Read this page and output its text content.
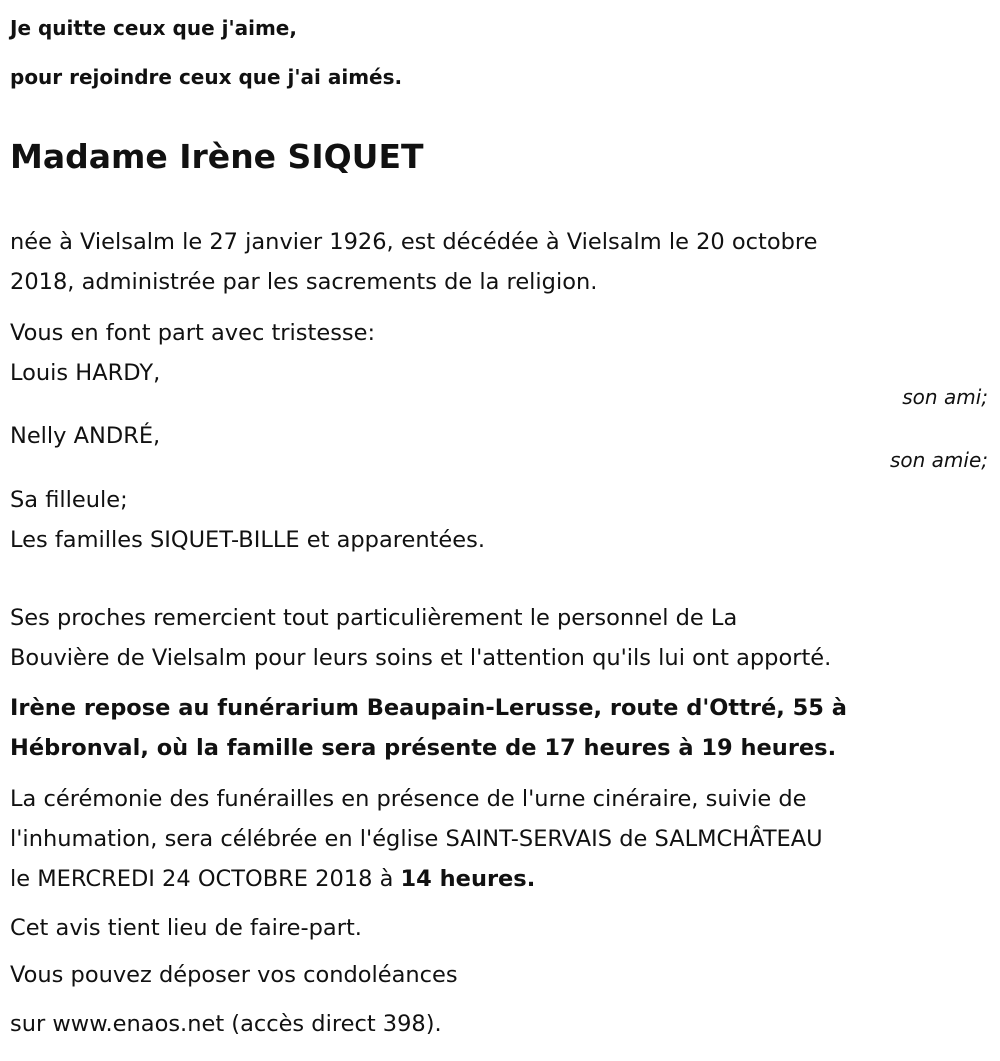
Je quitte ceux que j'aime,
pour rejoindre ceux que j'ai aimés.
Madame Irène SIQUET
née à Vielsalm le 27 janvier 1926, est décédée à Vielsalm le 20 octobre
2018, administrée par les sacrements de la religion.
Vous en font part avec tristesse:
Louis HARDY,
son ami;
Nelly ANDRÉ,
son amie;
Sa filleule;
Les familles SIQUET-BILLE et apparentées.
Ses proches remercient tout particulièrement le personnel de La
Bouvière de Vielsalm pour leurs soins et l'attention qu'ils lui ont apporté.
Irène repose au funérarium Beaupain-Lerusse, route d'Ottré, 55 à
Hébronval, où la famille sera présente de 17 heures à 19 heures.
La cérémonie des funérailles en présence de l'urne cinéraire, suivie de
l'inhumation, sera célébrée en l'église SAINT-SERVAIS de SALMCHÂTEAU
le MERCREDI 24 OCTOBRE 2018 à 14 heures.
Cet avis tient lieu de faire-part.
Vous pouvez déposer vos condoléances
sur www.enaos.net (accès direct 398).
